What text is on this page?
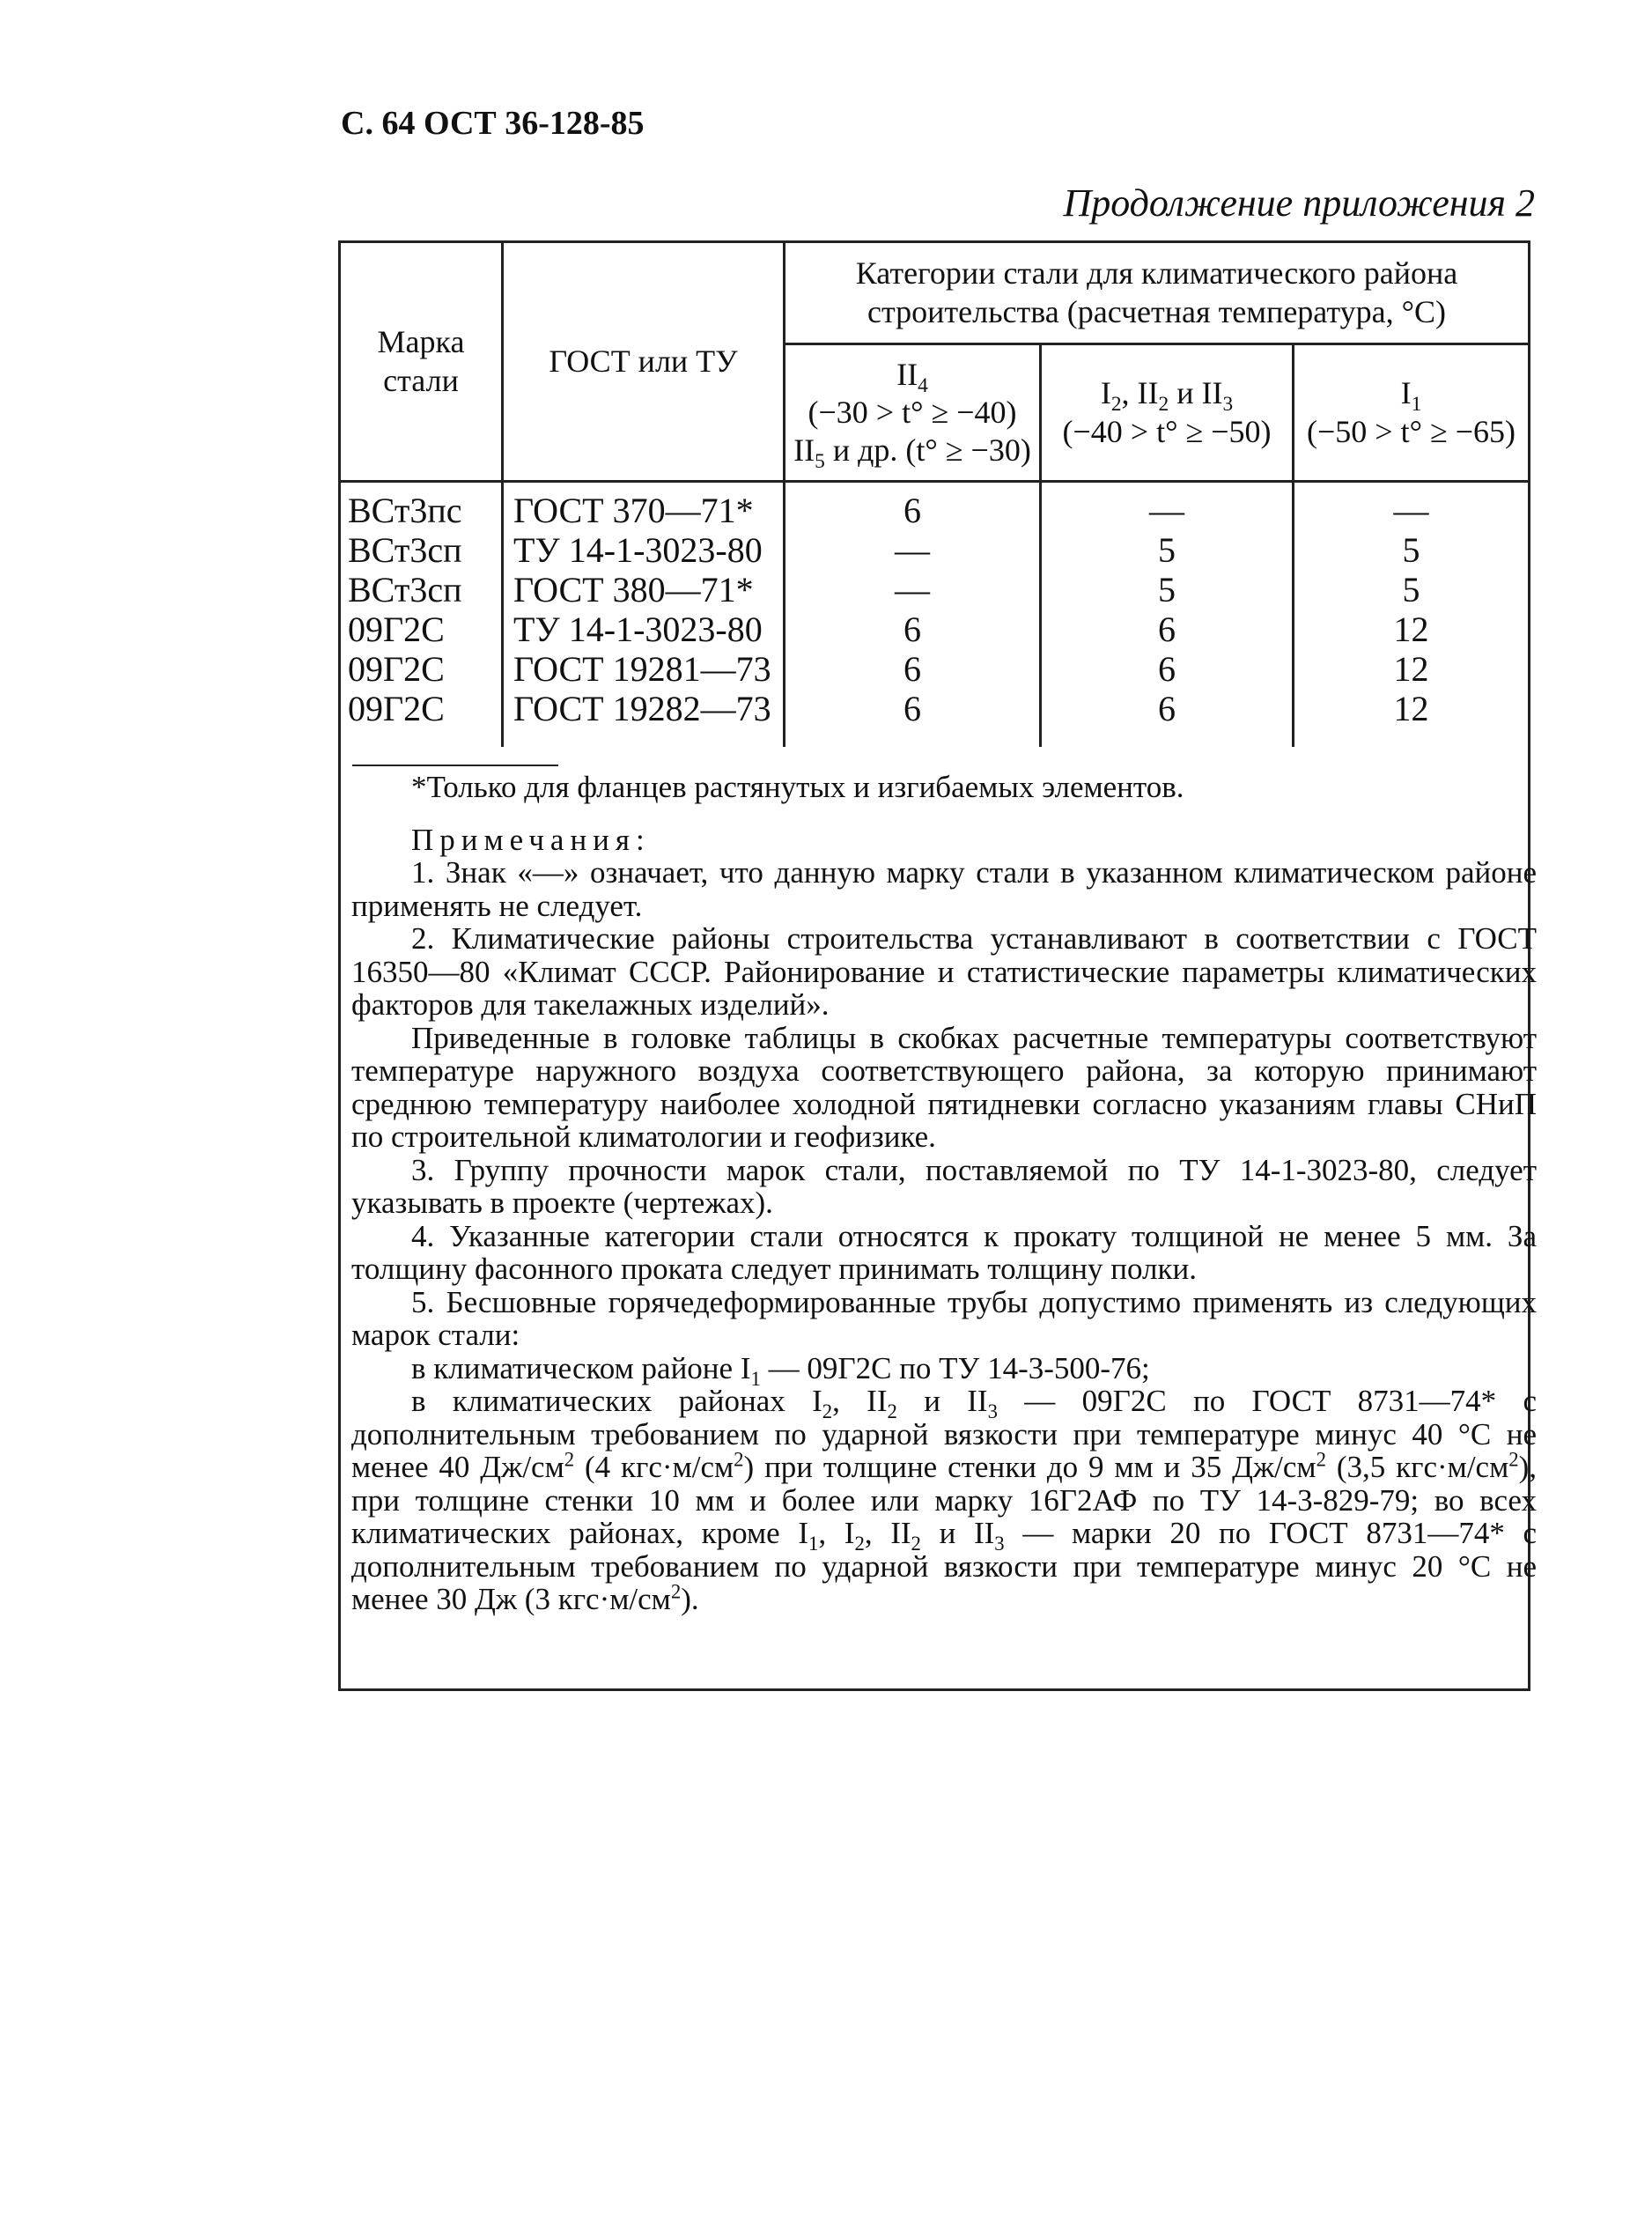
С. 64 ОСТ 36-128-85
Продолжение приложения 2
Марка стали
ГОСТ или ТУ
Категории стали для климатического района строительства (расчетная температура, °С)
$II_4$
(−30 > t° ≥ −40)
$II_5$ и др. (t° ≥ −30)
$I_2$, $II_2$ и $II_3$
(−40 > t° ≥ −50)
$I_1$
(−50 > t° ≥ −65)
ВСт3пс
ВСт3сп
ВСт3сп
09Г2С
09Г2С
09Г2С
ГОСТ 370—71*
ТУ 14-1-3023-80
ГОСТ 380—71*
ТУ 14-1-3023-80
ГОСТ 19281—73
ГОСТ 19282—73
6
—
—
6
6
6
—
5
5
6
6
6
—
5
5
12
12
12

*Только для фланцев растянутых и изгибаемых элементов.

Примечания:

1. Знак «—» означает, что данную марку стали в указанном климатическом районе применять не следует.

2. Климатические районы строительства устанавливают в соответствии с ГОСТ 16350—80 «Климат СССР. Районирование и статистические параметры климатических факторов для такелажных изделий».

Приведенные в головке таблицы в скобках расчетные температуры соответствуют температуре наружного воздуха соответствующего района, за которую принимают среднюю температуру наиболее холодной пятидневки согласно указаниям главы СНиП по строительной климатологии и геофизике.

3. Группу прочности марок стали, поставляемой по ТУ 14-1-3023-80, следует указывать в проекте (чертежах).

4. Указанные категории стали относятся к прокату толщиной не менее 5 мм. За толщину фасонного проката следует принимать толщину полки.

5. Бесшовные горячедеформированные трубы допустимо применять из следующих марок стали:

в климатическом районе $I_1$ — 09Г2С по ТУ 14-3-500-76;

в климатических районах $I_2$, $II_2$ и $II_3$ — 09Г2С по ГОСТ 8731—74* с дополнительным требованием по ударной вязкости при температуре минус 40 °С не менее 40 $Дж/см^2$ (4 $кгс\cdot м/см^2$) при толщине стенки до 9 мм и 35 $Дж/см^2$ (3,5 $кгс\cdot м/см^2$), при толщине стенки 10 мм и более или марку 16Г2АФ по ТУ 14-3-829-79; во всех климатических районах, кроме $I_1$, $I_2$, $II_2$ и $II_3$ — марки 20 по ГОСТ 8731—74* с дополнительным требованием по ударной вязкости при температуре минус 20 °С не менее 30 Дж (3 $кгс\cdot м/см^2$).
